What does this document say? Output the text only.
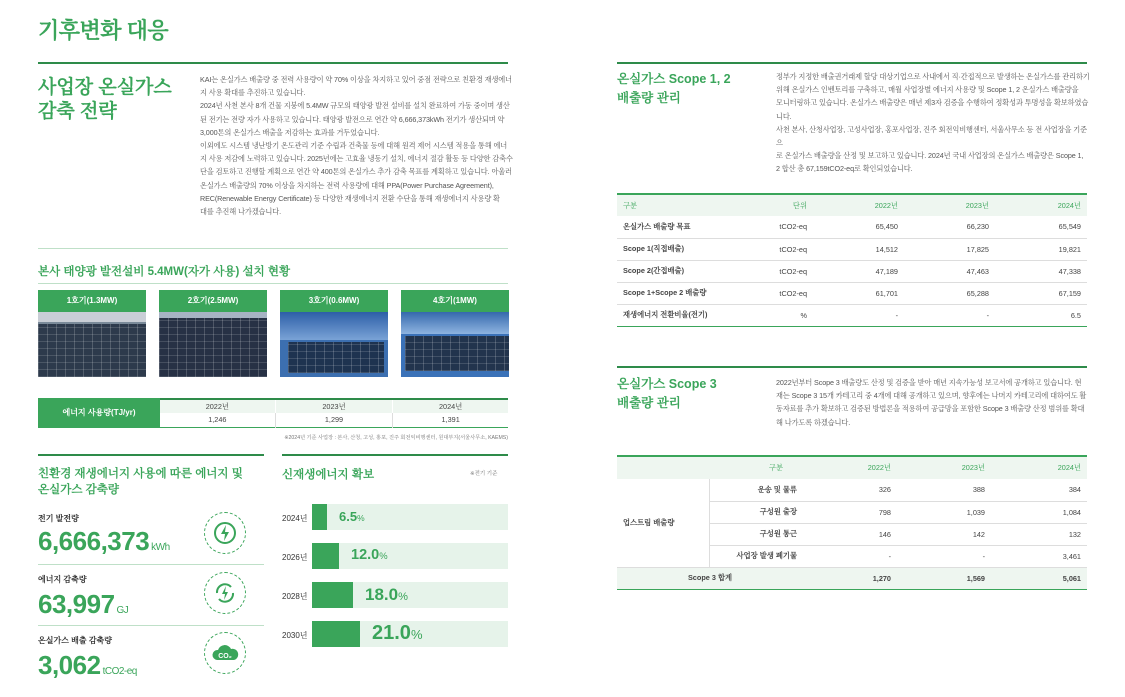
기후변화 대응
사업장 온실가스
감축 전략

KAI는 온실가스 배출량 중 전력 사용량이 약 70% 이상을 차지하고 있어 중점 전략으로 친환경 재생에너

지 사용 확대를 추진하고 있습니다.

2024년 사천 본사 8개 건물 지붕에 5.4MW 규모의 태양광 발전 설비를 설치 완료하여 가동 중이며 생산

된 전기는 전량 자가 사용하고 있습니다. 태양광 발전으로 연간 약 6,666,373kWh 전기가 생산되며 약

3,000톤의 온실가스 배출을 저감하는 효과를 거두었습니다.

이외에도 시스템 냉난방기 온도관리 기준 수립과 건축물 등에 대해 원격 제어 시스템 적용을 통해 에너

지 사용 저감에 노력하고 있습니다. 2025년에는 고효율 냉동기 설치, 에너지 절감 활동 등 다양한 감축수

단을 검토하고 진행할 계획으로 연간 약 400톤의 온실가스 추가 감축 목표를 계획하고 있습니다. 아울러

온실가스 배출량의 70% 이상을 차지하는 전력 사용량에 대해 PPA(Power Purchase Agreement),

REC(Renewable Energy Certificate) 등 다양한 재생에너지 전환 수단을 통해 재생에너지 사용량 확

대를 추진해 나가겠습니다.

본사 태양광 발전설비 5.4MW(자가 사용) 설치 현황
1호기(1.3MW)	2호기(2.5MW)	3호기(0.6MW)	4호기(1MW)
에너지 사용량(TJ/yr)
2022년	2023년	2024년
1,246	1,299	1,391
※2024년 기준 사업장 : 본사, 산청, 고성, 홍포, 진주 회전익비행센터, 원대부지(서울사무소, KAEMS)
친환경 재생에너지 사용에 따른 에너지 및
온실가스 감축량
전기 발전량
6,666,373 kWh
에너지 감축량
63,997 GJ
온실가스 배출 감축량
3,062 tCO2-eq
CO₂
신재생에너지 확보	※전기 기준
2024년 6.5%
2026년	12.0%
2028년	18.0%
2030년	21.0%
온실가스 Scope 1, 2
배출량 관리

정부가 지정한 배출권거래제 할당 대상기업으로 사내에서 직·간접적으로 발생하는 온실가스를 관리하기

위해 온실가스 인벤토리를 구축하고, 매월 사업장별 에너지 사용량 및 Scope 1, 2 온실가스 배출량을

모니터링하고 있습니다. 온실가스 배출량은 매년 제3자 검증을 수행하여 정확성과 투명성을 확보하였습

니다.

사천 본사, 산청사업장, 고성사업장, 홍포사업장, 진주 회전익비행센터, 서울사무소 등 전 사업장을 기준으

로 온실가스 배출량을 산정 및 보고하고 있습니다. 2024년 국내 사업장의 온실가스 배출량은 Scope 1,

2 합산 총 67,159tCO2-eq로 확인되었습니다.

구분	단위	2022년	2023년	2024년
온실가스 배출량 목표	tCO2-eq	65,450	66,230	65,549
Scope 1(직접배출)	tCO2-eq	14,512	17,825	19,821
Scope 2(간접배출)	tCO2-eq	47,189	47,463	47,338
Scope 1+Scope 2 배출량	tCO2-eq	61,701	65,288	67,159
재생에너지 전환비율(전기)	%	-	-	6.5
온실가스 Scope 3
배출량 관리

2022년부터 Scope 3 배출량도 산정 및 검증을 받아 매년 지속가능성 보고서에 공개하고 있습니다. 현

재는 Scope 3 15개 카테고리 중 4개에 대해 공개하고 있으며, 향후에는 나머지 카테고리에 대하여도 활

동자료를 추가 확보하고 검증된 방법론을 적용하여 공급망을 포함한 Scope 3 배출량 산정 범위를 확대

해 나가도록 하겠습니다.

구분		2022년	2023년	2024년
업스트림 배출량	운송 및 물류	326	388	384
	구성원 출장	798	1,039	1,084
	구성원 통근	146	142	132
	사업장 발생 폐기물	-	-	3,461
Scope 3 합계		1,270	1,569	5,061
